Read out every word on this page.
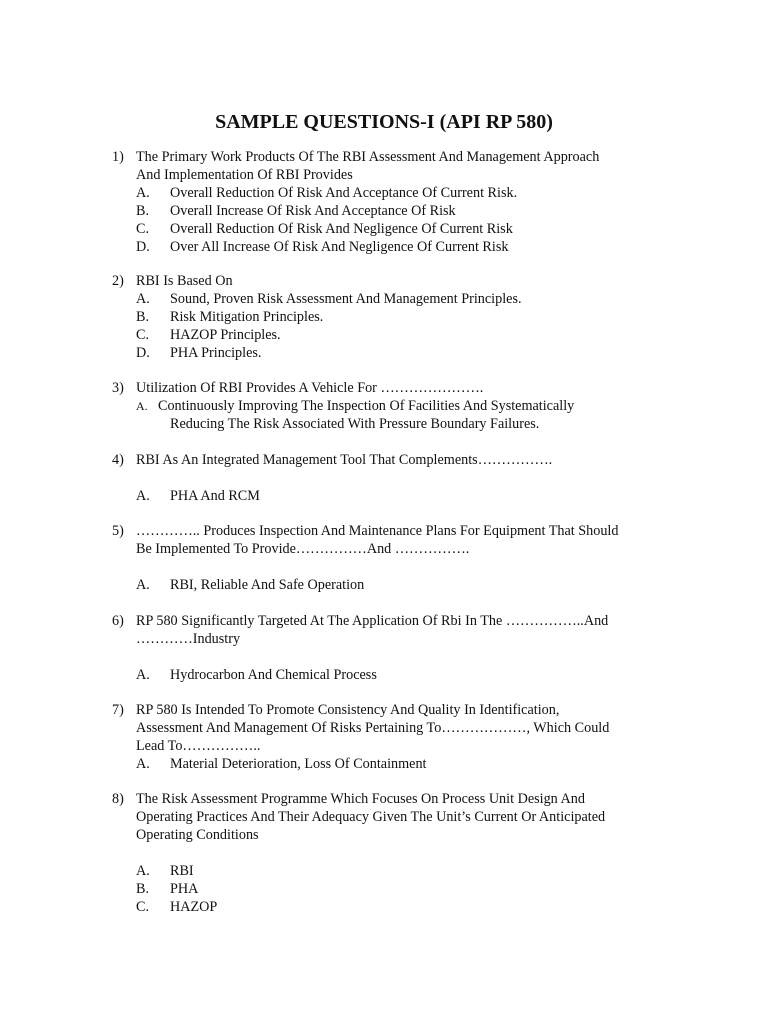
SAMPLE QUESTIONS-I (API RP 580)
1) The Primary Work Products Of The RBI Assessment And Management Approach
And Implementation Of RBI Provides
A. Overall Reduction Of Risk And Acceptance Of Current Risk.
B. Overall Increase Of Risk And Acceptance Of Risk
C. Overall Reduction Of Risk And Negligence Of Current Risk
D. Over All Increase Of Risk And Negligence Of Current Risk
2) RBI Is Based On
A. Sound, Proven Risk Assessment And Management Principles.
B. Risk Mitigation Principles.
C. HAZOP Principles.
D. PHA Principles.
3) Utilization Of RBI Provides A Vehicle For ………………….
A. Continuously Improving The Inspection Of Facilities And Systematically
Reducing The Risk Associated With Pressure Boundary Failures.
4) RBI As An Integrated Management Tool That Complements…………….
A. PHA And RCM
5) ………….. Produces Inspection And Maintenance Plans For Equipment That Should
Be Implemented To Provide……………And …………….
A. RBI, Reliable And Safe Operation
6) RP 580 Significantly Targeted At The Application Of Rbi In The ……………..And
…………Industry
A. Hydrocarbon And Chemical Process
7) RP 580 Is Intended To Promote Consistency And Quality In Identification,
Assessment And Management Of Risks Pertaining To………………, Which Could
Lead To……………..
A. Material Deterioration, Loss Of Containment
8) The Risk Assessment Programme Which Focuses On Process Unit Design And
Operating Practices And Their Adequacy Given The Unit’s Current Or Anticipated
Operating Conditions
A. RBI
B. PHA
C. HAZOP
